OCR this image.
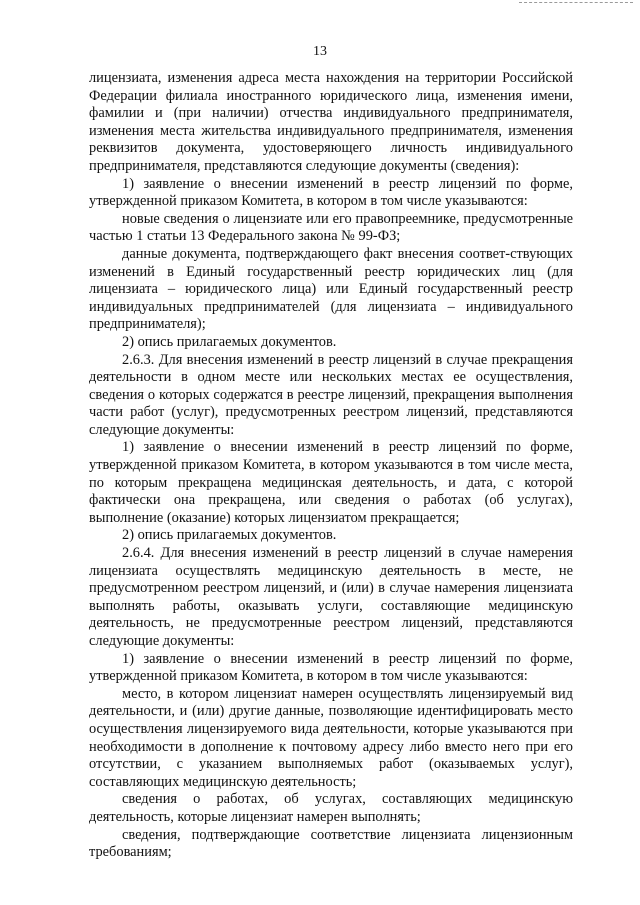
13

лицензиата, изменения адреса места нахождения на территории Российской Федерации филиала иностранного юридического лица, изменения имени, фамилии и (при наличии) отчества индивидуального предпринимателя, изменения места жительства индивидуального предпринимателя, изменения реквизитов документа, удостоверяющего личность индивидуального предпринимателя, представляются следующие документы (сведения):

1) заявление о внесении изменений в реестр лицензий по форме, утвержденной приказом Комитета, в котором в том числе указываются:

новые сведения о лицензиате или его правопреемнике, предусмотренные частью 1 статьи 13 Федерального закона № 99-ФЗ;

данные документа, подтверждающего факт внесения соответ-ствующих изменений в Единый государственный реестр юридических лиц (для лицензиата – юридического лица) или Единый государственный реестр индивидуальных предпринимателей (для лицензиата – индивидуального предпринимателя);

2) опись прилагаемых документов.

2.6.3. Для внесения изменений в реестр лицензий в случае прекращения деятельности в одном месте или нескольких местах ее осуществления, сведения о которых содержатся в реестре лицензий, прекращения выполнения части работ (услуг), предусмотренных реестром лицензий, представляются следующие документы:

1) заявление о внесении изменений в реестр лицензий по форме, утвержденной приказом Комитета, в котором указываются в том числе места, по которым прекращена медицинская деятельность, и дата, с которой фактически она прекращена, или сведения о работах (об услугах), выполнение (оказание) которых лицензиатом прекращается;

2) опись прилагаемых документов.

2.6.4. Для внесения изменений в реестр лицензий в случае намерения лицензиата осуществлять медицинскую деятельность в месте, не предусмотренном реестром лицензий, и (или) в случае намерения лицензиата выполнять работы, оказывать услуги, составляющие медицинскую деятельность, не предусмотренные реестром лицензий, представляются следующие документы:

1) заявление о внесении изменений в реестр лицензий по форме, утвержденной приказом Комитета, в котором в том числе указываются:

место, в котором лицензиат намерен осуществлять лицензируемый вид деятельности, и (или) другие данные, позволяющие идентифицировать место осуществления лицензируемого вида деятельности, которые указываются при необходимости в дополнение к почтовому адресу либо вместо него при его отсутствии, с указанием выполняемых работ (оказываемых услуг), составляющих медицинскую деятельность;

сведения о работах, об услугах, составляющих медицинскую деятельность, которые лицензиат намерен выполнять;

сведения, подтверждающие соответствие лицензиата лицензионным требованиям;
